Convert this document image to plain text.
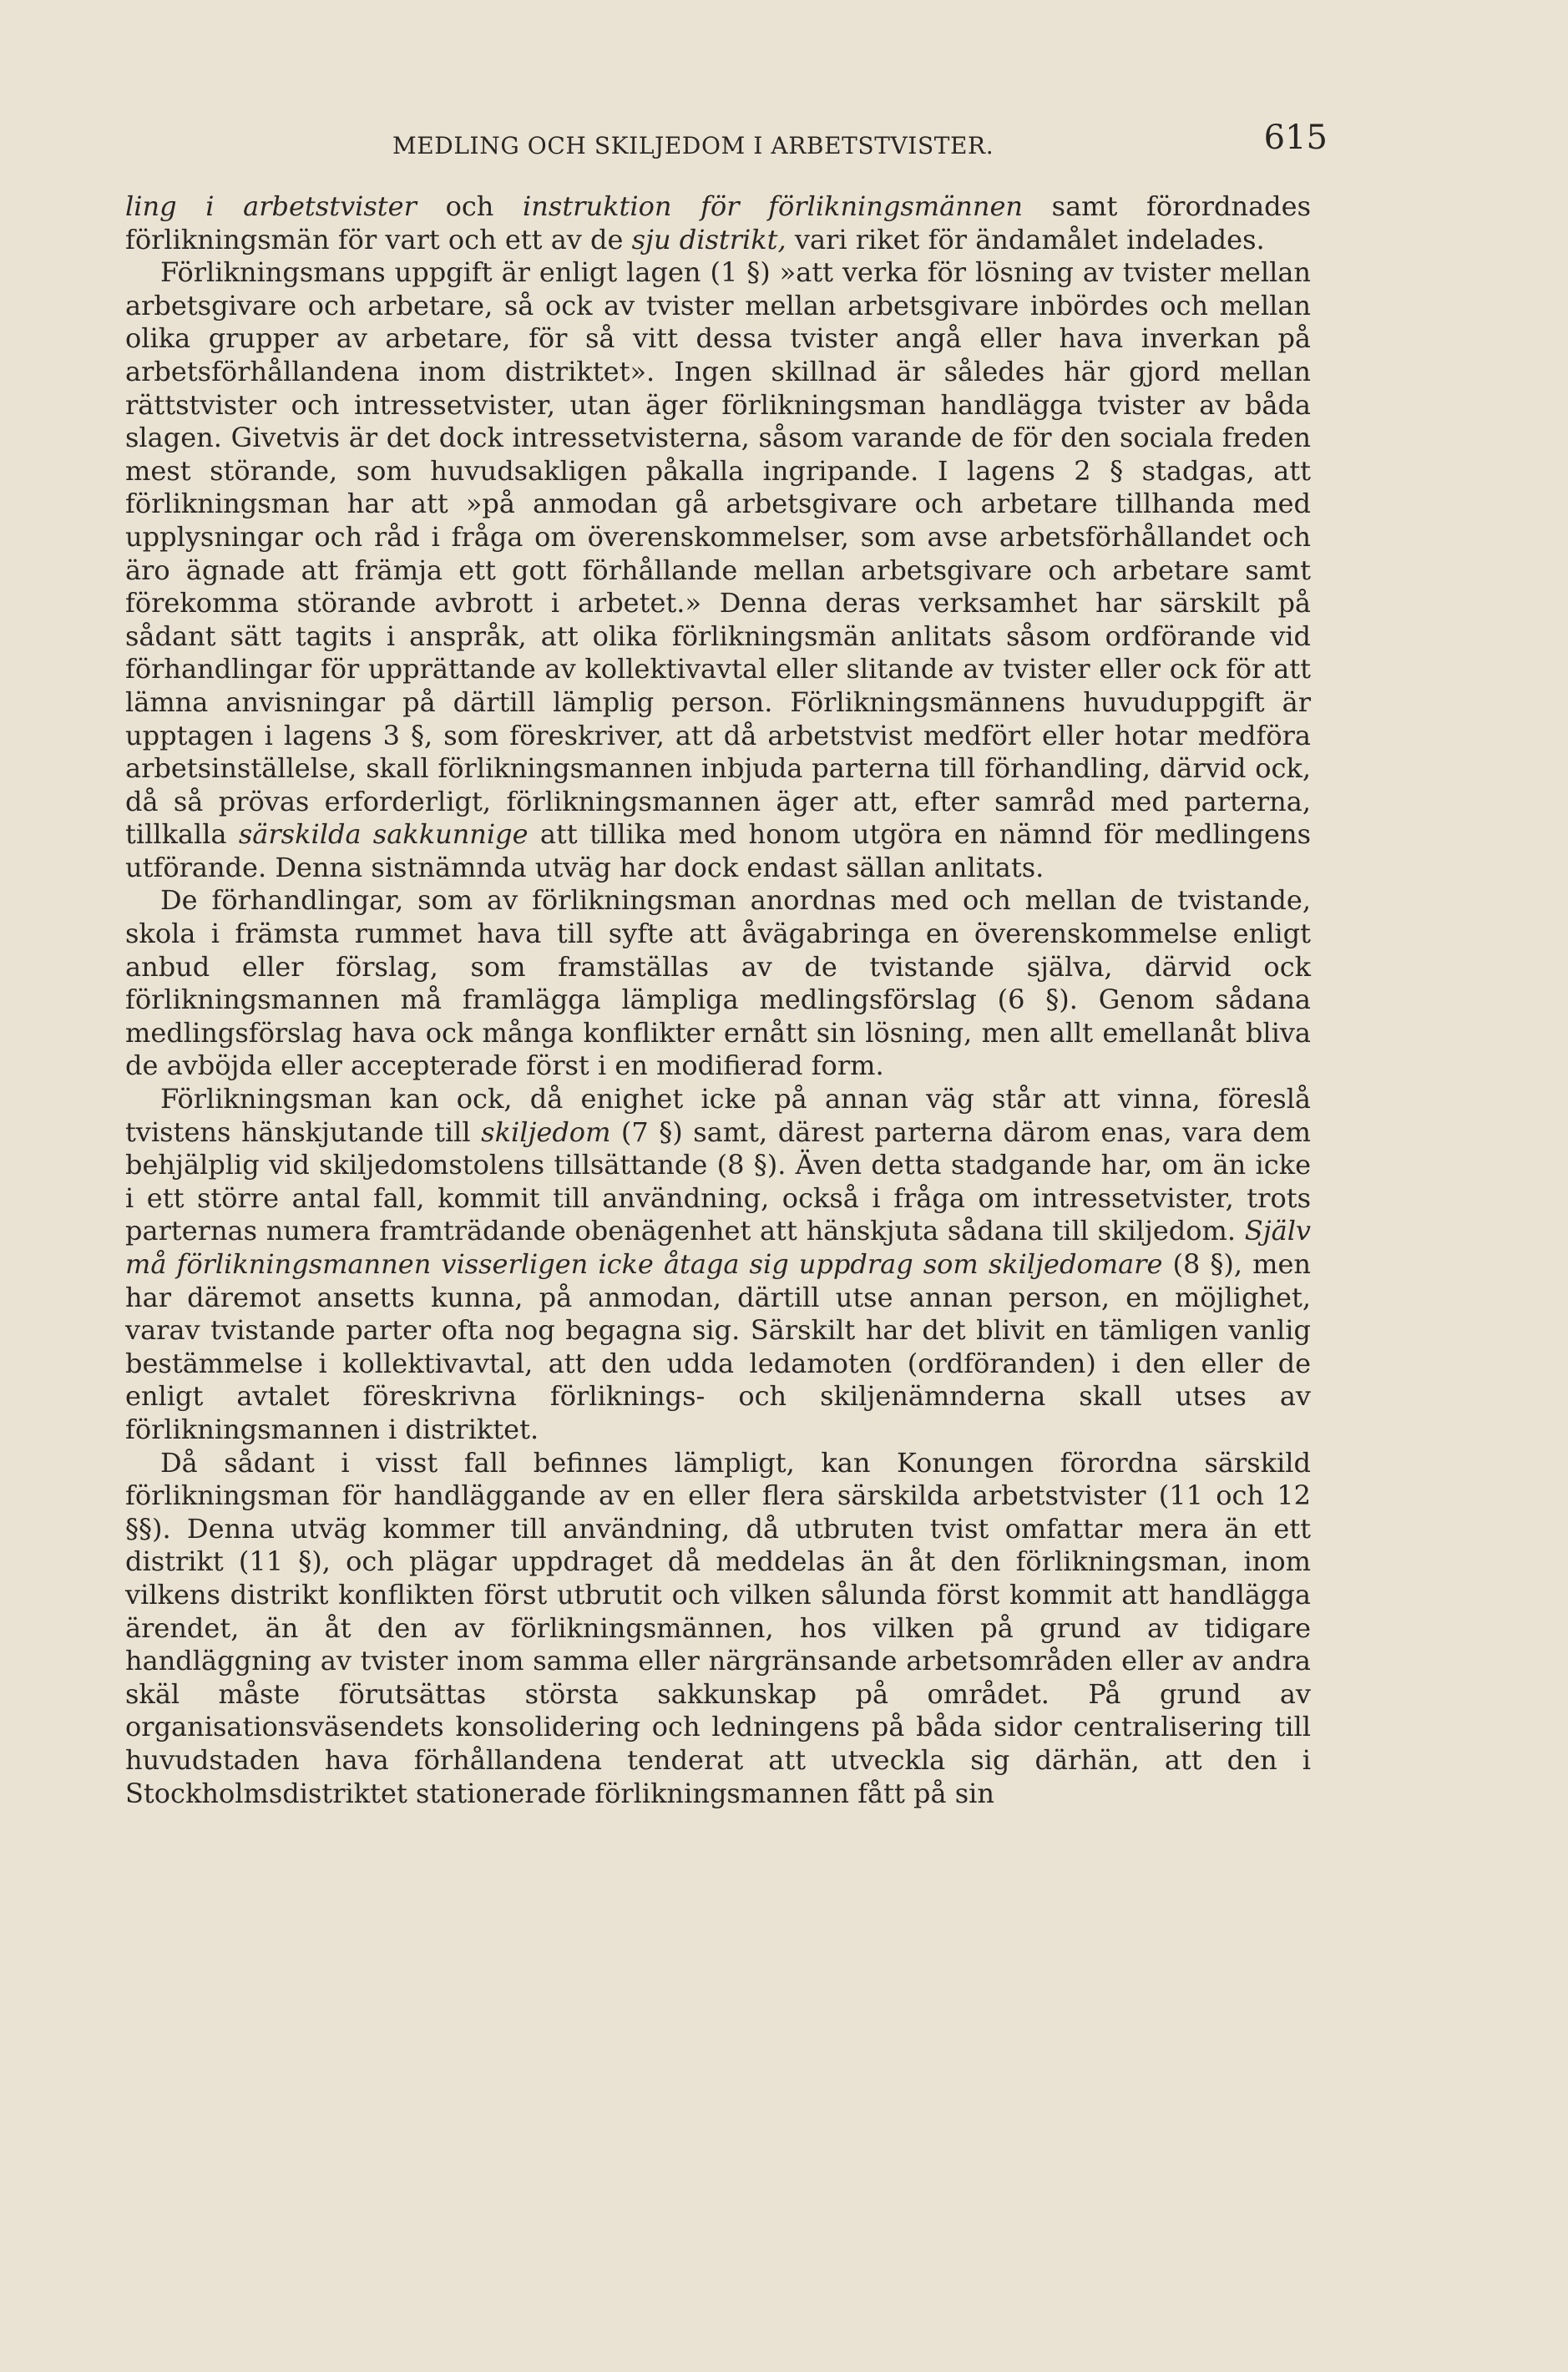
MEDLING OCH SKILJEDOM I ARBETSTVISTER.	615

ling i arbetstvister och instruktion för förlikningsmännen samt förordnades förlikningsmän för vart och ett av de sju distrikt, vari riket för ändamålet indelades.

Förlikningsmans uppgift är enligt lagen (1 §) »att verka för lösning av tvister mellan arbetsgivare och arbetare, så ock av tvister mellan arbetsgivare inbördes och mellan olika grupper av arbetare, för så vitt dessa tvister angå eller hava inverkan på arbetsförhållandena inom distriktet». Ingen skillnad är således här gjord mellan rättstvister och intressetvister, utan äger förlikningsman handlägga tvister av båda slagen. Givetvis är det dock intressetvisterna, såsom varande de för den sociala freden mest störande, som huvudsakligen påkalla ingripande. I lagens 2 § stadgas, att förlikningsman har att »på anmodan gå arbetsgivare och arbetare tillhanda med upplysningar och råd i fråga om överenskommelser, som avse arbetsförhållandet och äro ägnade att främja ett gott förhållande mellan arbetsgivare och arbetare samt förekomma störande avbrott i arbetet.» Denna deras verksamhet har särskilt på sådant sätt tagits i anspråk, att olika förlikningsmän anlitats såsom ordförande vid förhandlingar för upprättande av kollektivavtal eller slitande av tvister eller ock för att lämna anvisningar på därtill lämplig person. Förlikningsmännens huvuduppgift är upptagen i lagens 3 §, som föreskriver, att då arbetstvist medfört eller hotar medföra arbetsinställelse, skall förlikningsmannen inbjuda parterna till förhandling, därvid ock, då så prövas erforderligt, förlikningsmannen äger att, efter samråd med parterna, tillkalla särskilda sakkunnige att tillika med honom utgöra en nämnd för medlingens utförande. Denna sistnämnda utväg har dock endast sällan anlitats.

De förhandlingar, som av förlikningsman anordnas med och mellan de tvistande, skola i främsta rummet hava till syfte att åvägabringa en överenskommelse enligt anbud eller förslag, som framställas av de tvistande själva, därvid ock förlikningsmannen må framlägga lämpliga medlingsförslag (6 §). Genom sådana medlingsförslag hava ock många konflikter ernått sin lösning, men allt emellanåt bliva de avböjda eller accepterade först i en modifierad form.

Förlikningsman kan ock, då enighet icke på annan väg står att vinna, föreslå tvistens hänskjutande till skiljedom (7 §) samt, därest parterna därom enas, vara dem behjälplig vid skiljedomstolens tillsättande (8 §). Även detta stadgande har, om än icke i ett större antal fall, kommit till användning, också i fråga om intressetvister, trots parternas numera framträdande obenägenhet att hänskjuta sådana till skiljedom. Själv må förlikningsmannen visserligen icke åtaga sig uppdrag som skiljedomare (8 §), men har däremot ansetts kunna, på anmodan, därtill utse annan person, en möjlighet, varav tvistande parter ofta nog begagna sig. Särskilt har det blivit en tämligen vanlig bestämmelse i kollektivavtal, att den udda ledamoten (ordföranden) i den eller de enligt avtalet föreskrivna förliknings- och skiljenämnderna skall utses av förlikningsmannen i distriktet.

Då sådant i visst fall befinnes lämpligt, kan Konungen förordna särskild förlikningsman för handläggande av en eller flera särskilda arbetstvister (11 och 12 §§). Denna utväg kommer till användning, då utbruten tvist omfattar mera än ett distrikt (11 §), och plägar uppdraget då meddelas än åt den förlikningsman, inom vilkens distrikt konflikten först utbrutit och vilken sålunda först kommit att handlägga ärendet, än åt den av förlikningsmännen, hos vilken på grund av tidigare handläggning av tvister inom samma eller närgränsande arbetsområden eller av andra skäl måste förutsättas största sakkunskap på området. På grund av organisationsväsendets konsolidering och ledningens på båda sidor centralisering till huvudstaden hava förhållandena tenderat att utveckla sig därhän, att den i Stockholmsdistriktet stationerade förlikningsmannen fått på sin
